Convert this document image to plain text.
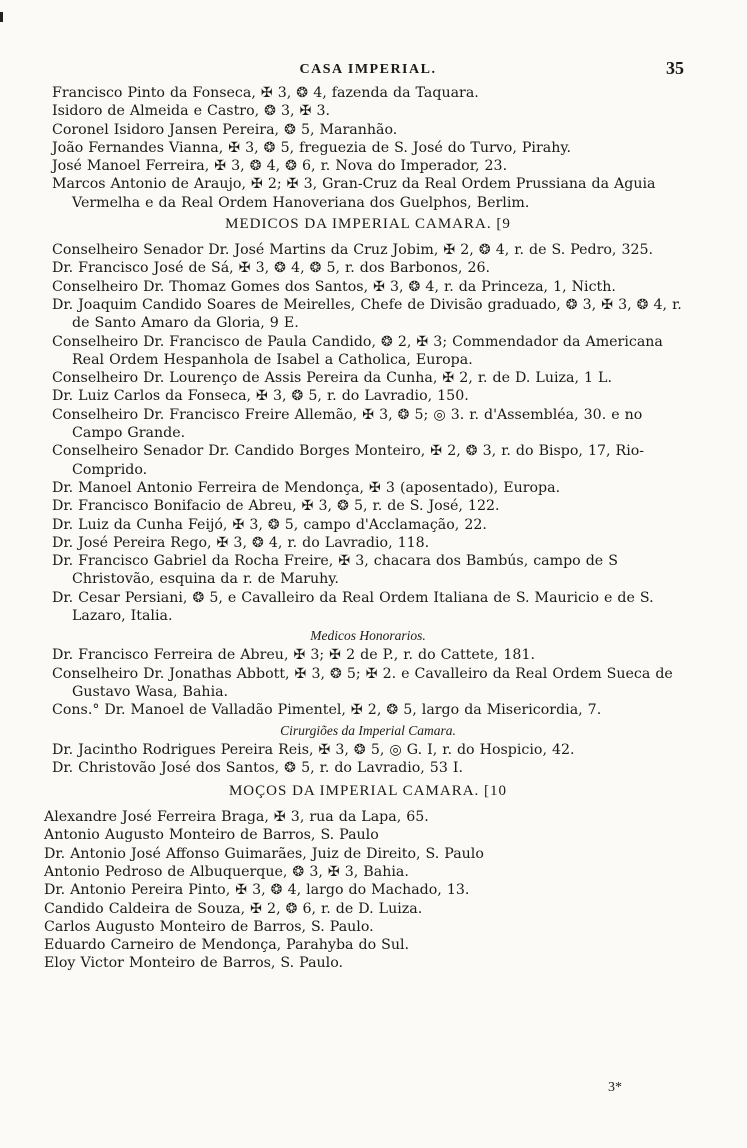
CASA IMPERIAL.	35
Francisco Pinto da Fonseca, ✠ 3, ❂ 4, fazenda da Taquara.
Isidoro de Almeida e Castro, ❂ 3, ✠ 3.
Coronel Isidoro Jansen Pereira, ❂ 5, Maranhão.
João Fernandes Vianna, ✠ 3, ❂ 5, freguezia de S. José do Turvo, Pirahy.
José Manoel Ferreira, ✠ 3, ❂ 4, ❂ 6, r. Nova do Imperador, 23.
Marcos Antonio de Araujo, ✠ 2; ✠ 3, Gran-Cruz da Real Ordem Prussiana da Aguia Vermelha e da Real Ordem Hanoveriana dos Guelphos, Berlim.
MEDICOS DA IMPERIAL CAMARA. [9
Conselheiro Senador Dr. José Martins da Cruz Jobim, ✠ 2, ❂ 4, r. de S. Pedro, 325.
Dr. Francisco José de Sá, ✠ 3, ❂ 4, ❂ 5, r. dos Barbonos, 26.
Conselheiro Dr. Thomaz Gomes dos Santos, ✠ 3, ❂ 4, r. da Princeza, 1, Nicth.
Dr. Joaquim Candido Soares de Meirelles, Chefe de Divisão graduado, ❂ 3, ✠ 3, ❂ 4, r. de Santo Amaro da Gloria, 9 E.
Conselheiro Dr. Francisco de Paula Candido, ❂ 2, ✠ 3; Commendador da Americana Real Ordem Hespanhola de Isabel a Catholica, Europa.
Conselheiro Dr. Lourenço de Assis Pereira da Cunha, ✠ 2, r. de D. Luiza, 1 L.
Dr. Luiz Carlos da Fonseca, ✠ 3, ❂ 5, r. do Lavradio, 150.
Conselheiro Dr. Francisco Freire Allemão, ✠ 3, ❂ 5; ◎ 3. r. d'Assembléa, 30. e no Campo Grande.
Conselheiro Senador Dr. Candido Borges Monteiro, ✠ 2, ❂ 3, r. do Bispo, 17, Rio-Comprido.
Dr. Manoel Antonio Ferreira de Mendonça, ✠ 3 (aposentado), Europa.
Dr. Francisco Bonifacio de Abreu, ✠ 3, ❂ 5, r. de S. José, 122.
Dr. Luiz da Cunha Feijó, ✠ 3, ❂ 5, campo d'Acclamação, 22.
Dr. José Pereira Rego, ✠ 3, ❂ 4, r. do Lavradio, 118.
Dr. Francisco Gabriel da Rocha Freire, ✠ 3, chacara dos Bambús, campo de S Christovão, esquina da r. de Maruhy.
Dr. Cesar Persiani, ❂ 5, e Cavalleiro da Real Ordem Italiana de S. Mauricio e de S. Lazaro, Italia.
Medicos Honorarios.
Dr. Francisco Ferreira de Abreu, ✠ 3; ✠ 2 de P., r. do Cattete, 181.
Conselheiro Dr. Jonathas Abbott, ✠ 3, ❂ 5; ✠ 2. e Cavalleiro da Real Ordem Sueca de Gustavo Wasa, Bahia.
Cons.° Dr. Manoel de Valladão Pimentel, ✠ 2, ❂ 5, largo da Misericordia, 7.
Cirurgiões da Imperial Camara.
Dr. Jacintho Rodrigues Pereira Reis, ✠ 3, ❂ 5, ◎ G. I, r. do Hospicio, 42.
Dr. Christovão José dos Santos, ❂ 5, r. do Lavradio, 53 I.
MOÇOS DA IMPERIAL CAMARA. [10
Alexandre José Ferreira Braga, ✠ 3, rua da Lapa, 65.
Antonio Augusto Monteiro de Barros, S. Paulo
Dr. Antonio José Affonso Guimarães, Juiz de Direito, S. Paulo
Antonio Pedroso de Albuquerque, ❂ 3, ✠ 3, Bahia.
Dr. Antonio Pereira Pinto, ✠ 3, ❂ 4, largo do Machado, 13.
Candido Caldeira de Souza, ✠ 2, ❂ 6, r. de D. Luiza.
Carlos Augusto Monteiro de Barros, S. Paulo.
Eduardo Carneiro de Mendonça, Parahyba do Sul.
Eloy Victor Monteiro de Barros, S. Paulo.
3*
